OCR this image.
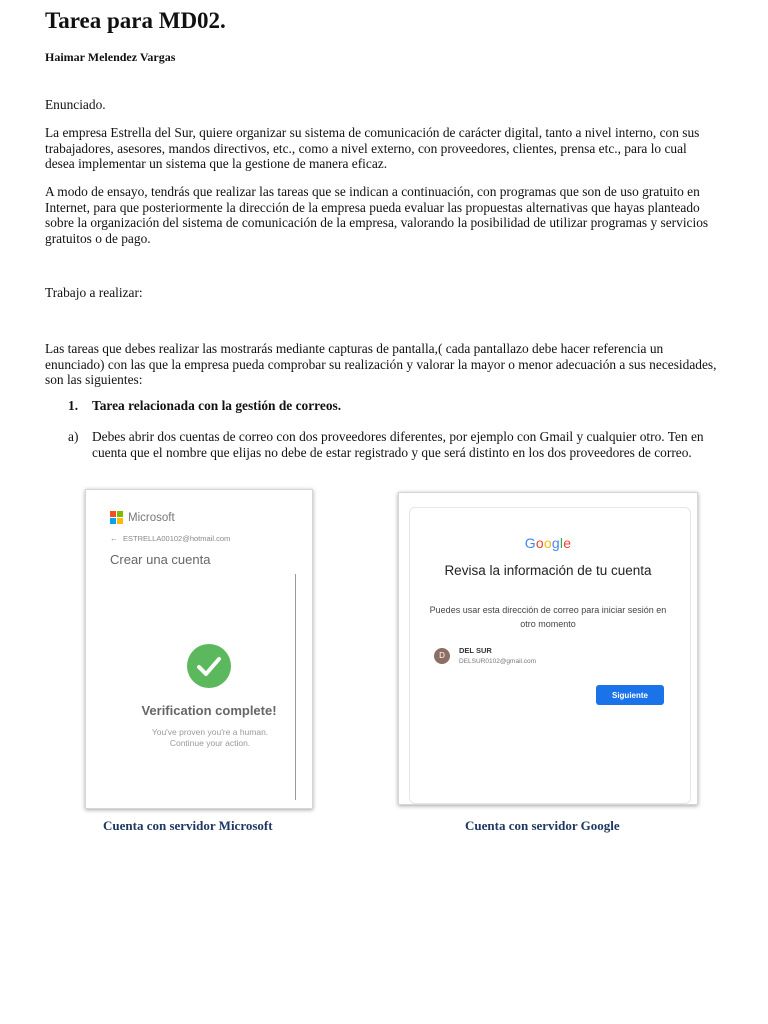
Tarea para MD02.
Haimar Melendez Vargas

Enunciado.

La empresa Estrella del Sur, quiere organizar su sistema de comunicación de carácter digital, tanto a nivel interno, con sus trabajadores, asesores, mandos directivos, etc., como a nivel externo, con proveedores, clientes, prensa etc., para lo cual desea implementar un sistema que la gestione de manera eficaz.

A modo de ensayo, tendrás que realizar las tareas que se indican a continuación, con programas que son de uso gratuito en Internet, para que posteriormente la dirección de la empresa pueda evaluar las propuestas alternativas que hayas planteado sobre la organización del sistema de comunicación de la empresa, valorando la posibilidad de utilizar programas y servicios gratuitos o de pago.

Trabajo a realizar:

Las tareas que debes realizar las mostrarás mediante capturas de pantalla,( cada pantallazo debe hacer referencia un enunciado) con las que la empresa pueda comprobar su realización y valorar la mayor o menor adecuación a sus necesidades, son las siguientes:

1.	Tarea relacionada con la gestión de correos.
a)	Debes abrir dos cuentas de correo con dos proveedores diferentes, por ejemplo con Gmail y cualquier otro. Ten en cuenta que el nombre que elijas no debe de estar registrado y que será distinto en los dos proveedores de correo.
Microsoft
← ESTRELLA00102@hotmail.com
Crear una cuenta
Verification complete!
You've proven you're a human.
Continue your action.
Google
Revisa la información de tu cuenta
Puedes usar esta dirección de correo para iniciar sesión en otro momento
D
DEL SUR
DELSUR0102@gmail.com
Siguiente
Cuenta con servidor Microsoft	Cuenta con servidor Google
